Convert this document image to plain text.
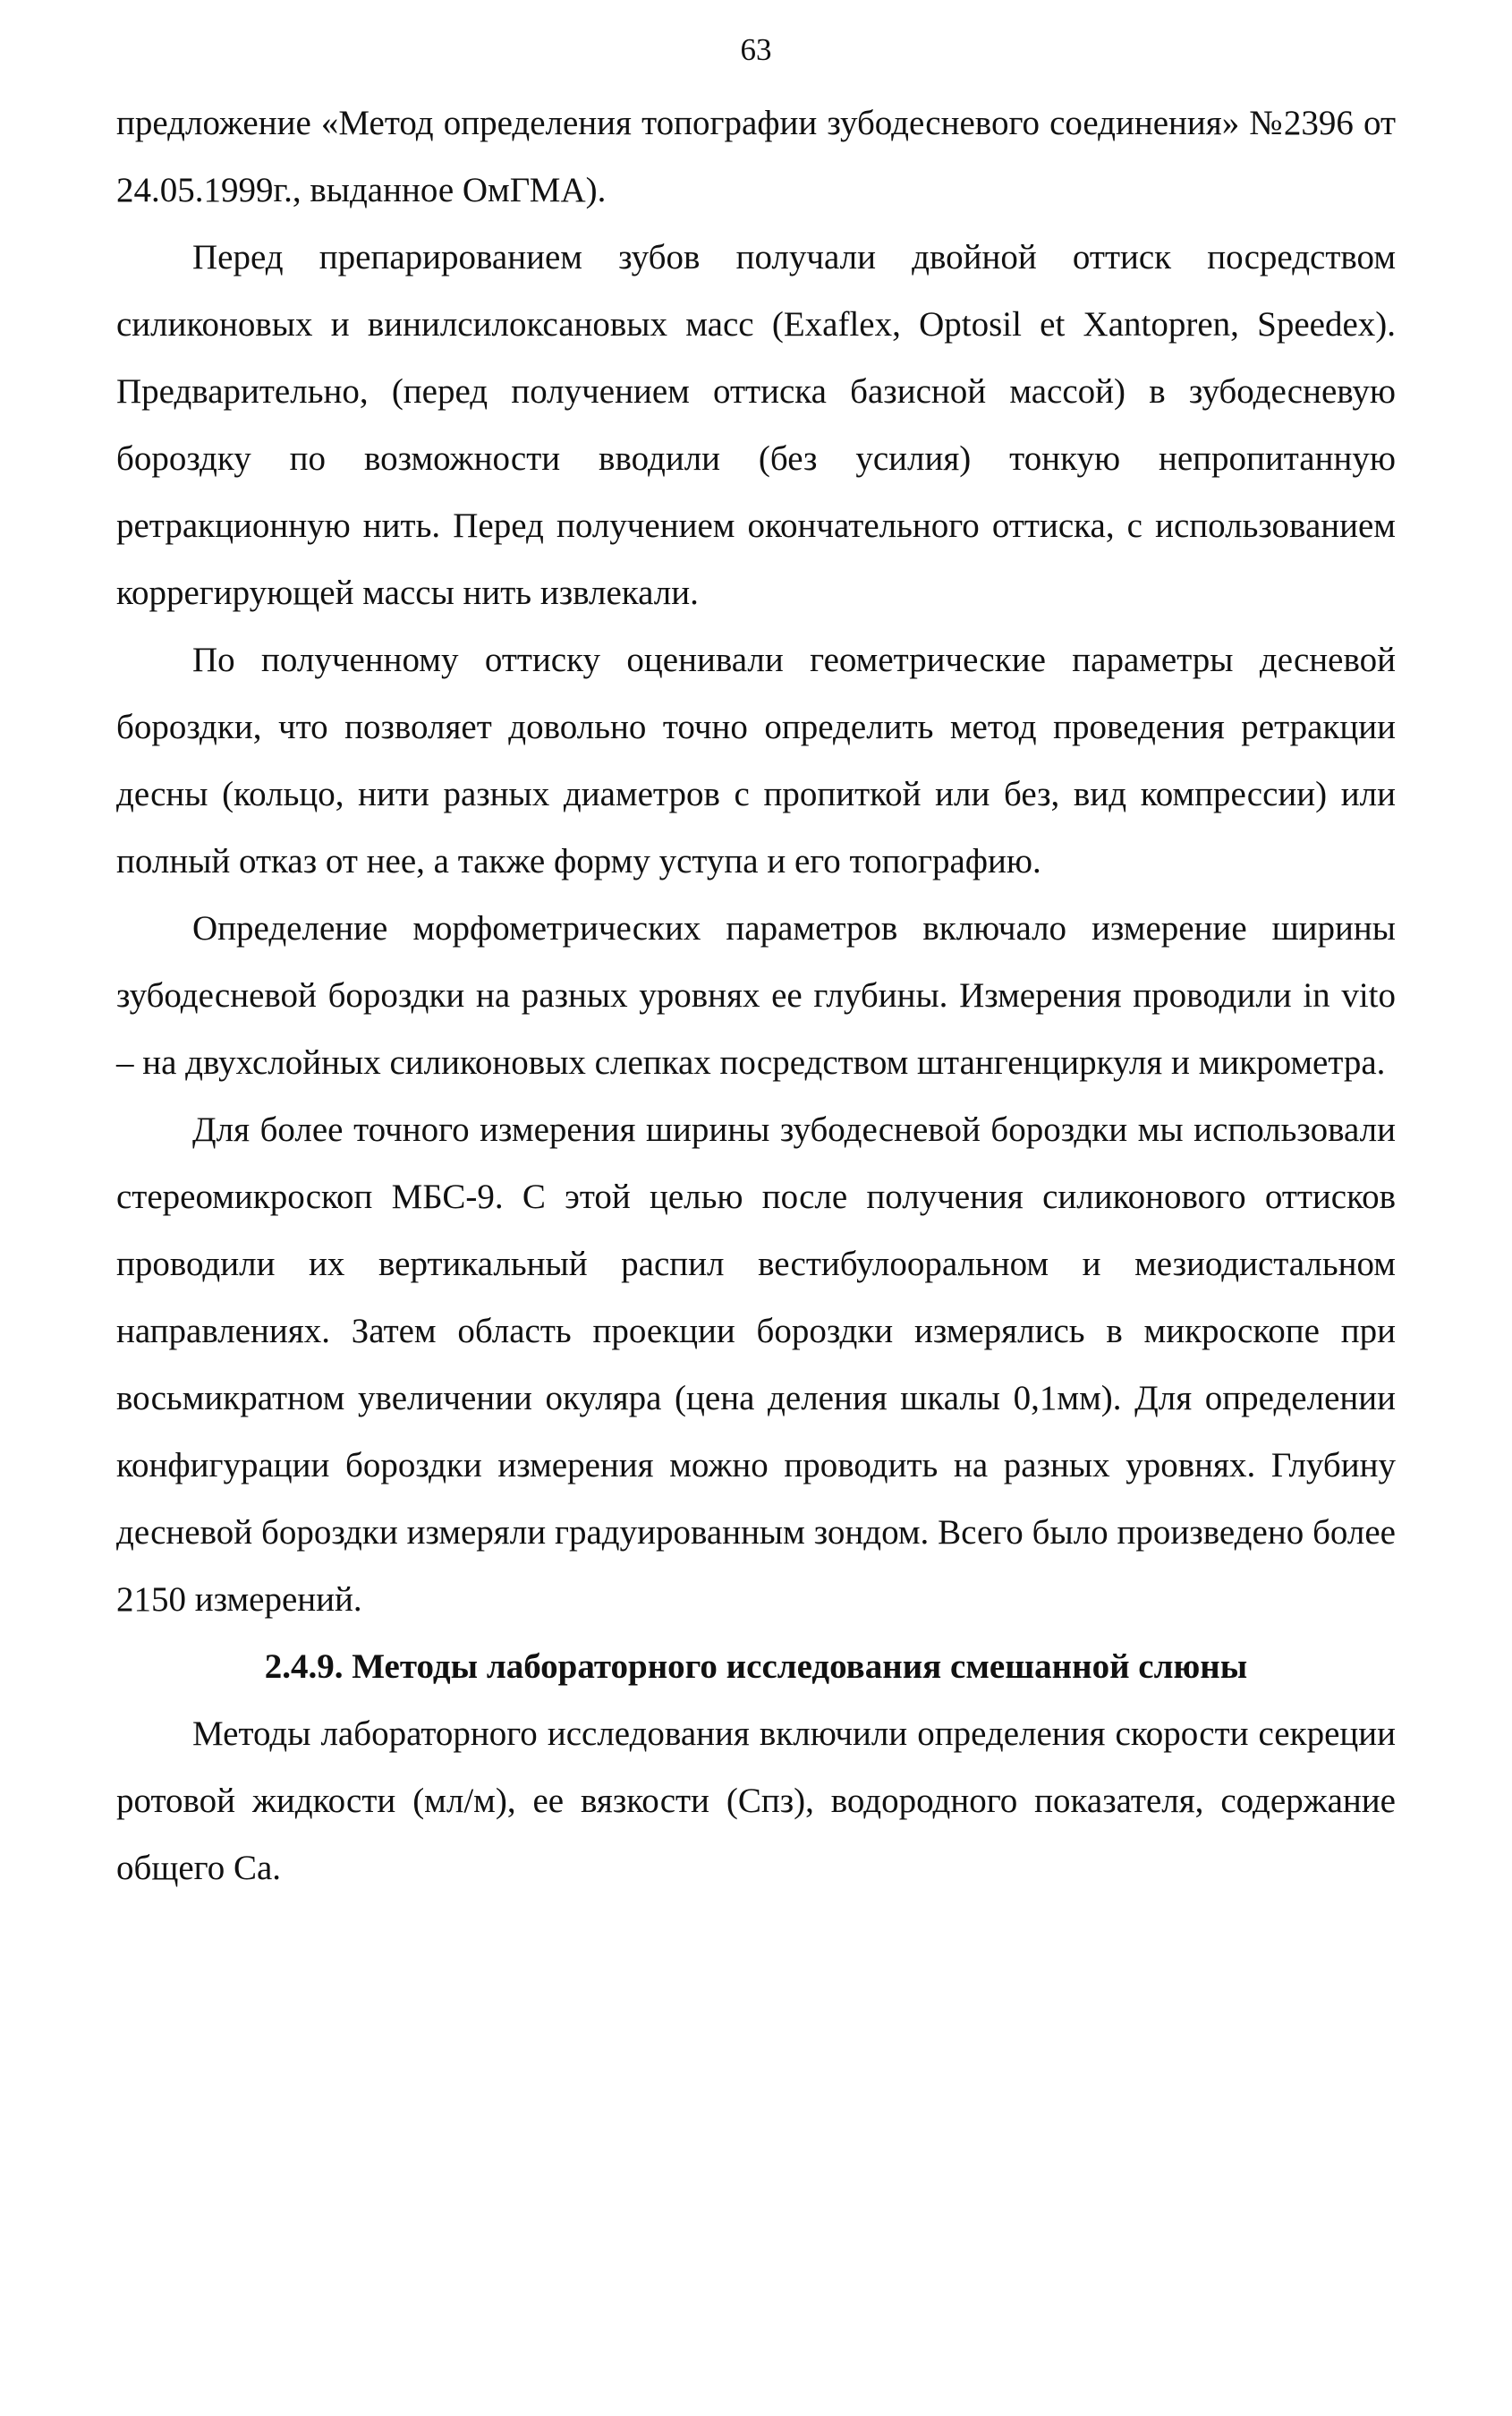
63

предложение «Метод определения топографии зубодесневого соединения» №2396 от 24.05.1999г., выданное ОмГМА).

Перед препарированием зубов получали двойной оттиск посредством силиконовых и винилсилоксановых масс (Exaflex, Optosil et Xantopren, Speedex). Предварительно, (перед получением оттиска базисной массой) в зубодесневую бороздку по возможности вводили (без усилия) тонкую непропитанную ретракционную нить. Перед получением окончательного оттиска, с использованием коррегирующей массы нить извлекали.

По полученному оттиску оценивали геометрические параметры десневой бороздки, что позволяет довольно точно определить метод проведения ретракции десны (кольцо, нити разных диаметров с пропиткой или без, вид компрессии) или полный отказ от нее, а также форму уступа и его топографию.

Определение морфометрических параметров включало измерение ширины зубодесневой бороздки на разных уровнях ее глубины. Измерения проводили in vito – на двухслойных силиконовых слепках посредством штангенциркуля и микрометра.

Для более точного измерения ширины зубодесневой бороздки мы использовали стереомикроскоп МБС-9. С этой целью после получения силиконового оттисков проводили их вертикальный распил вестибулооральном и мезиодистальном направлениях. Затем область проекции бороздки измерялись в микроскопе при восьмикратном увеличении окуляра (цена деления шкалы 0,1мм). Для определении конфигурации бороздки измерения можно проводить на разных уровнях. Глубину десневой бороздки измеряли градуированным зондом. Всего было произведено более 2150 измерений.

2.4.9. Методы лабораторного исследования смешанной слюны

Методы лабораторного исследования включили определения скорости секреции ротовой жидкости (мл/м), ее вязкости (Спз), водородного показателя, содержание общего Са.
